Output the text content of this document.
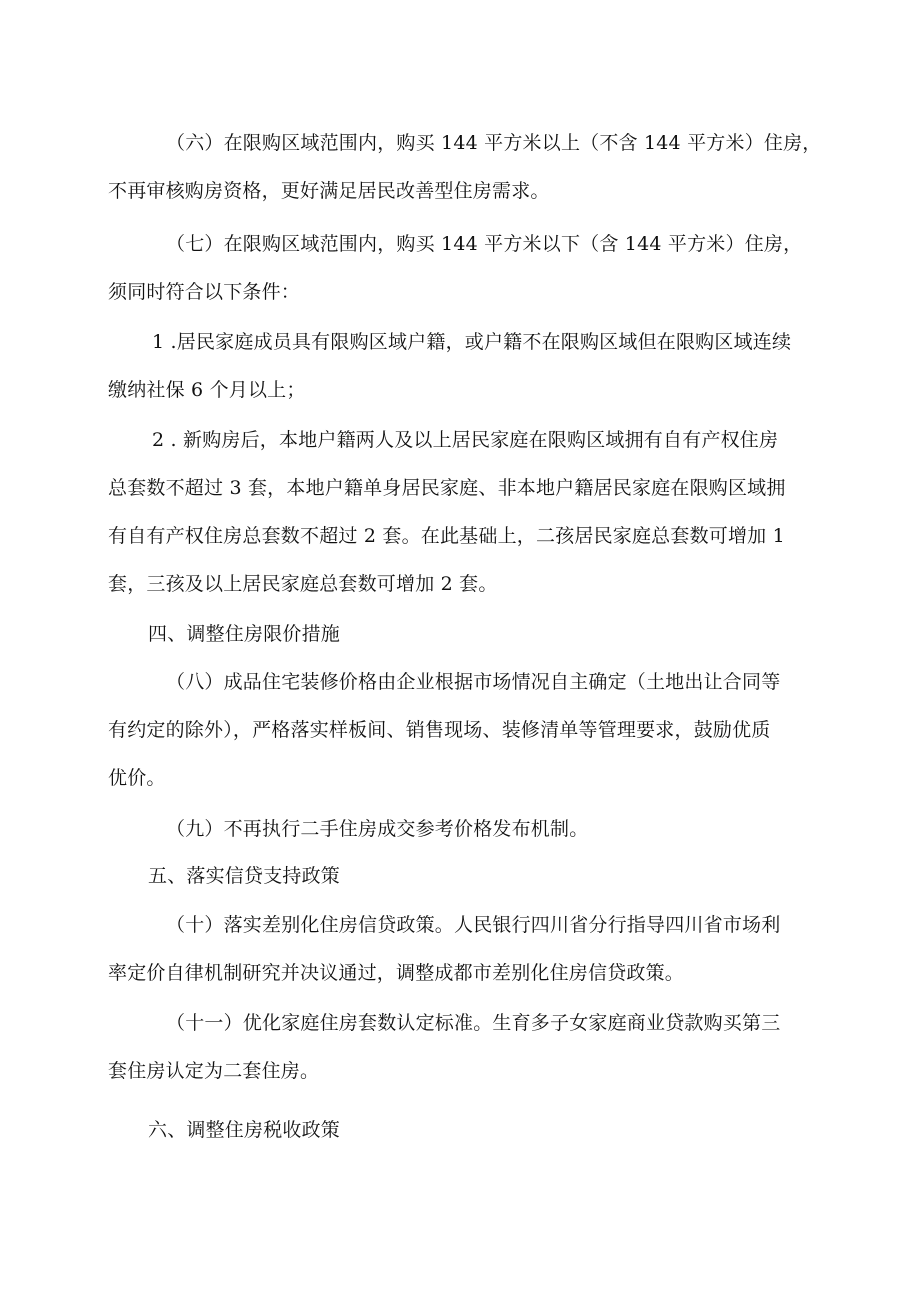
（六）在限购区域范围内，购买 144 平方米以上（不含 144 平方米）住房，
不再审核购房资格，更好满足居民改善型住房需求。
（七）在限购区域范围内，购买 144 平方米以下（含 144 平方米）住房，
须同时符合以下条件：
1 .居民家庭成员具有限购区域户籍，或户籍不在限购区域但在限购区域连续
缴纳社保 6 个月以上；
2 . 新购房后，本地户籍两人及以上居民家庭在限购区域拥有自有产权住房
总套数不超过 3 套，本地户籍单身居民家庭、非本地户籍居民家庭在限购区域拥
有自有产权住房总套数不超过 2 套。在此基础上，二孩居民家庭总套数可增加 1
套，三孩及以上居民家庭总套数可增加 2 套。
四、调整住房限价措施
（八）成品住宅装修价格由企业根据市场情况自主确定（土地出让合同等
有约定的除外），严格落实样板间、销售现场、装修清单等管理要求，鼓励优质
优价。
（九）不再执行二手住房成交参考价格发布机制。
五、落实信贷支持政策
（十）落实差别化住房信贷政策。人民银行四川省分行指导四川省市场利
率定价自律机制研究并决议通过，调整成都市差别化住房信贷政策。
（十一）优化家庭住房套数认定标准。生育多子女家庭商业贷款购买第三
套住房认定为二套住房。
六、调整住房税收政策
